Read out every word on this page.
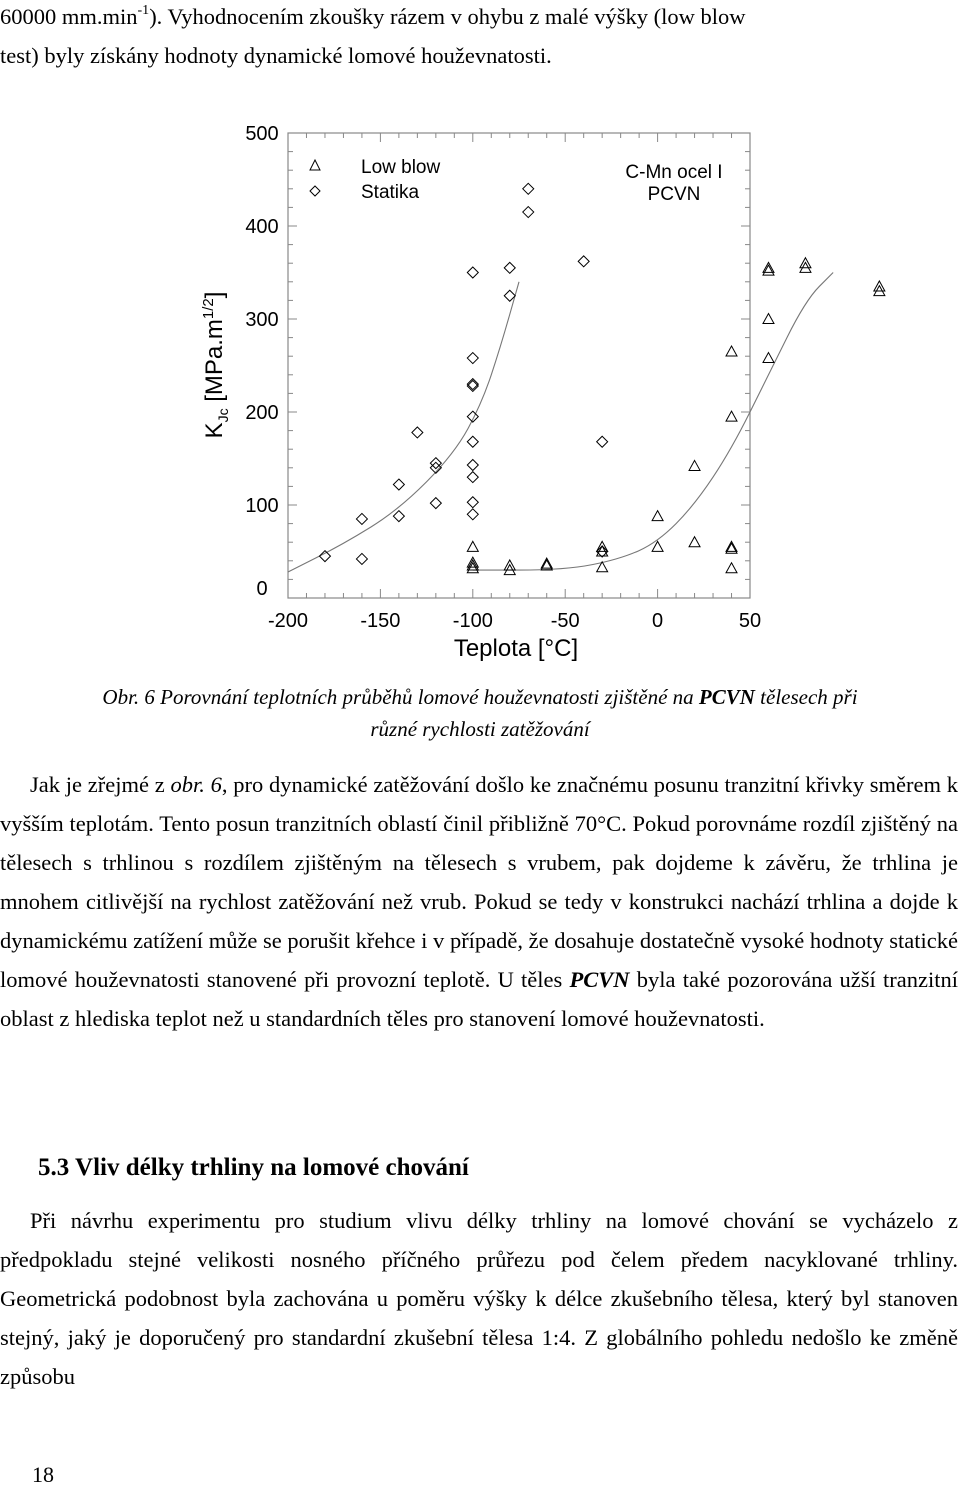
60000 $mm.\min^{-1}$). Vyhodnocením zkoušky rázem v ohybu z malé výšky (low blow
test) byly získány hodnoty dynamické lomové houževnatosti.

-200	-150	-100	-50	0	50
0
100
200
300
400
500
Low blow
Statika
C-Mn ocel I
PCVN
Teplota [°C]
$K_{Jc}$ $[MPa.m^{1/2}]$
Obr. 6 Porovnání teplotních průběhů lomové houževnatosti zjištěné na PCVN tělesech při
různé rychlosti zatěžování

Jak je zřejmé z obr. 6, pro dynamické zatěžování došlo ke značnému posunu tranzitní křivky směrem k vyšším teplotám. Tento posun tranzitních oblastí činil přibližně 70°C. Pokud porovnáme rozdíl zjištěný na tělesech s trhlinou s rozdílem zjištěným na tělesech s vrubem, pak dojdeme k závěru, že trhlina je mnohem citlivější na rychlost zatěžování než vrub. Pokud se tedy v konstrukci nachází trhlina a dojde k dynamickému zatížení může se porušit křehce i v případě, že dosahuje dostatečně vysoké hodnoty statické lomové houževnatosti stanovené při provozní teplotě. U těles PCVN byla také pozorována užší tranzitní oblast z hlediska teplot než u standardních těles pro stanovení lomové houževnatosti.

5.3 Vliv délky trhliny na lomové chování

Při návrhu experimentu pro studium vlivu délky trhliny na lomové chování se vycházelo z předpokladu stejné velikosti nosného příčného průřezu pod čelem předem nacyklované trhliny. Geometrická podobnost byla zachována u poměru výšky k délce zkušebního tělesa, který byl stanoven stejný, jaký je doporučený pro standardní zkušební tělesa 1:4. Z globálního pohledu nedošlo ke změně způsobu

18
